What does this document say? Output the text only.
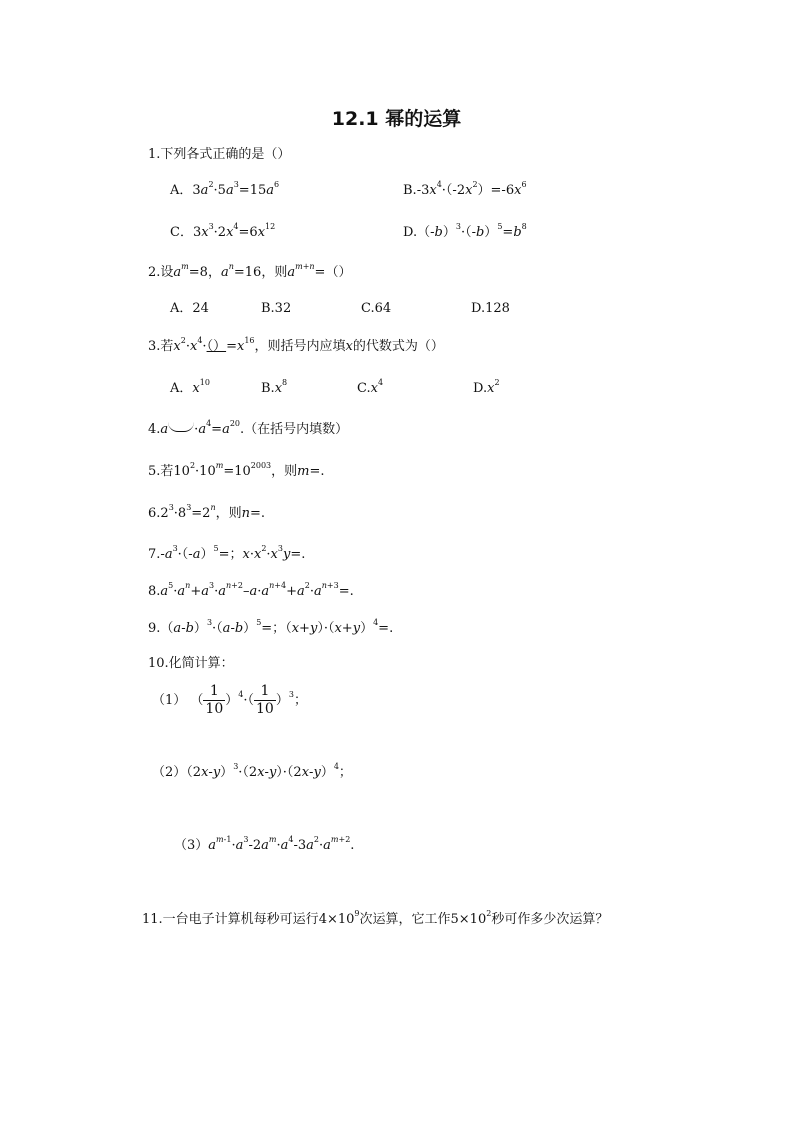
12.1 幂的运算
1.下列各式正确的是（）
A．$3a^2\cdot 5a^3=15a^6$	$B.-3x^4\cdot(-2x^2)=-6x^6$
C．$3x^3\cdot 2x^4=6x^{12}$	$D.(-b)^3\cdot(-b)^5=b^8$
2.设$a^m=8$，$a^n=16$，则$a^{m+n}=()$
A．24	B.32	C.64	D.128
3.若$x^2\cdot x^4\cdot()=x^{16}$，则括号内应填x的代数式为（）
A．$x^{10}$	$B.x^8$	$C.x^4$	$D.x^2$
$4.a \cdot a^4=a^{20}$.（在括号内填数）
5.若$10^2\cdot 10^m=10^{2003}$，则m=.
$6.2^3\cdot 8^3=2^n$，则n=.
$7.-a^3\cdot(-a)^5=$；$x\cdot x^2\cdot x^3y=$.
$8.a^5\cdot a^n+a^3\cdot a^{n+2}-a\cdot a^{n+4}+a^2\cdot a^{n+3}=$.
$9.(a-b)^3\cdot(a-b)^5=$；$(x+y)\cdot(x+y)^4=$.
10.化简计算：
（1） （ $\frac{1}{10} )^4\cdot( \frac{1}{10} )^3$；
$(2)(2x-y)^3\cdot(2x-y)\cdot(2x-y)^4$；
$(3)a^{m-1}\cdot a^3-2a^m\cdot a^4-3a^2\cdot a^{m+2}$.
11.一台电子计算机每秒可运行$4\times 10^9$次运算，它工作$5\times 10^2$秒可作多少次运算？
